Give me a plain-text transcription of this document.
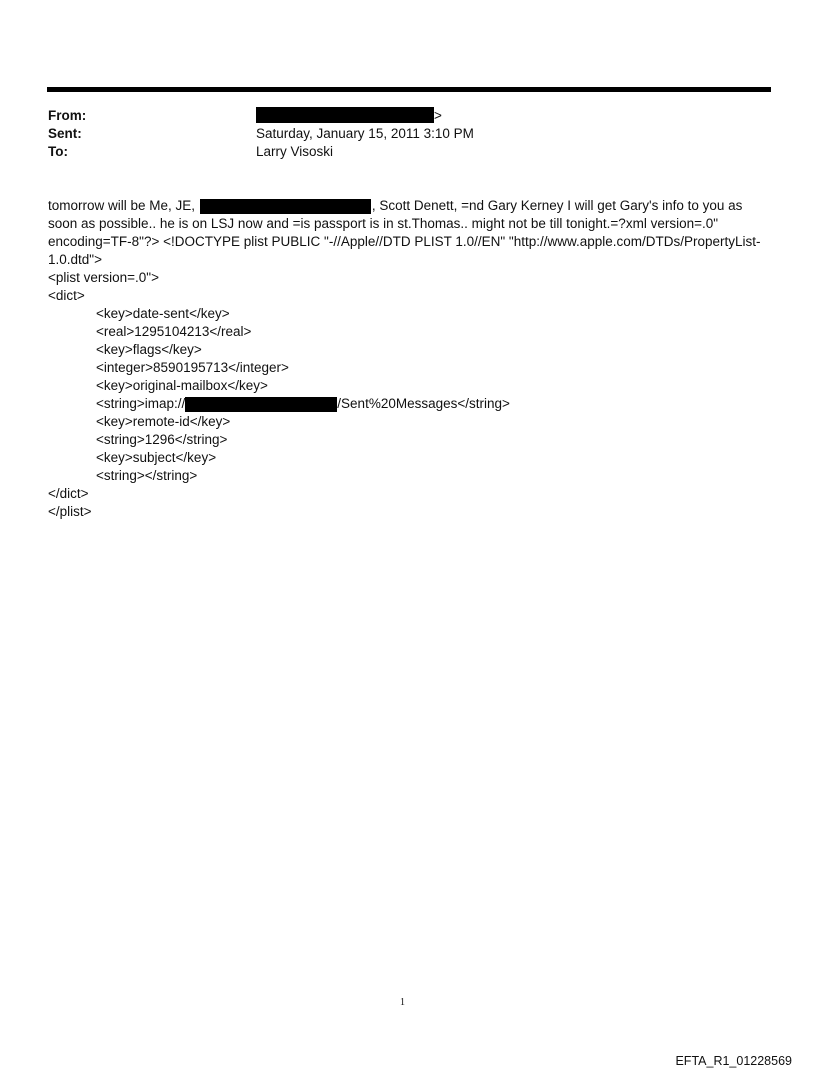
From:	>
Sent:	Saturday, January 15, 2011 3:10 PM
To:	Larry Visoski
tomorrow will be Me, JE,	, Scott Denett, =nd Gary Kerney I will get Gary's info to you as
soon as possible.. he is on LSJ now and =is passport is in st.Thomas.. might not be till tonight.=?xml version=.0"
encoding=TF-8"?> <!DOCTYPE plist PUBLIC "-//Apple//DTD PLIST 1.0//EN" "http://www.apple.com/DTDs/PropertyList-
1.0.dtd">
<plist version=.0">
<dict>
<key>date-sent</key>
<real>1295104213</real>
<key>flags</key>
<integer>8590195713</integer>
<key>original-mailbox</key>
<string>imap://	/Sent%20Messages</string>
<key>remote-id</key>
<string>1296</string>
<key>subject</key>
<string></string>
</dict>
</plist>
1
EFTA_R1_01228569
